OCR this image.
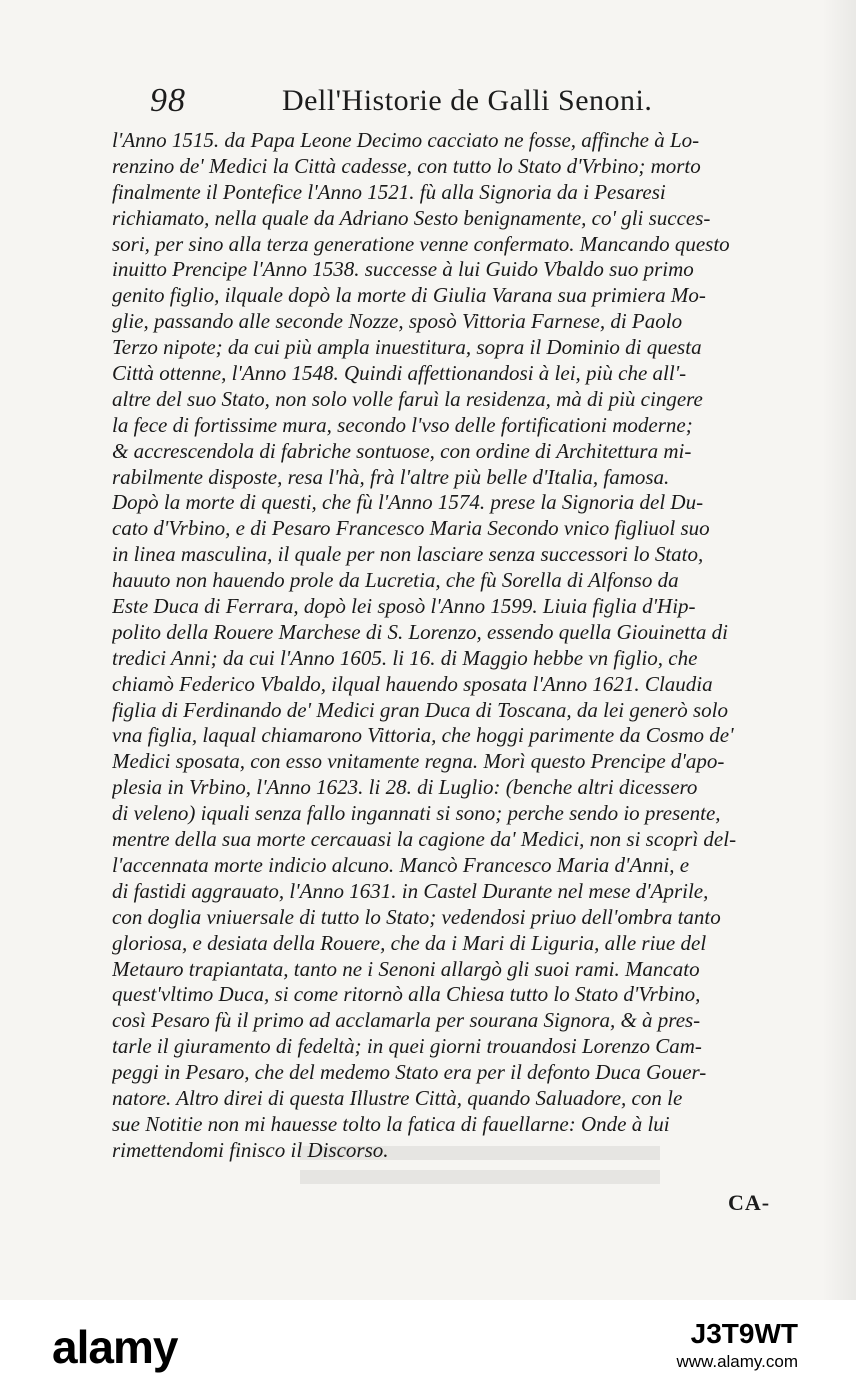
98	Dell'Historie de Galli Senoni.
l'Anno 1515. da Papa Leone Decimo cacciato ne fosse, affinche à Lo-
renzino de' Medici la Città cadesse, con tutto lo Stato d'Vrbino; morto
finalmente il Pontefice l'Anno 1521. fù alla Signoria da i Pesaresi
richiamato, nella quale da Adriano Sesto benignamente, co' gli succes-
sori, per sino alla terza generatione venne confermato. Mancando questo
inuitto Prencipe l'Anno 1538. successe à lui Guido Vbaldo suo primo
genito figlio, ilquale dopò la morte di Giulia Varana sua primiera Mo-
glie, passando alle seconde Nozze, sposò Vittoria Farnese, di Paolo
Terzo nipote; da cui più ampla inuestitura, sopra il Dominio di questa
Città ottenne, l'Anno 1548. Quindi affettionandosi à lei, più che all'-
altre del suo Stato, non solo volle faruì la residenza, mà di più cingere
la fece di fortissime mura, secondo l'vso delle fortificationi moderne;
& accrescendola di fabriche sontuose, con ordine di Architettura mi-
rabilmente disposte, resa l'hà, frà l'altre più belle d'Italia, famosa.
Dopò la morte di questi, che fù l'Anno 1574. prese la Signoria del Du-
cato d'Vrbino, e di Pesaro Francesco Maria Secondo vnico figliuol suo
in linea masculina, il quale per non lasciare senza successori lo Stato,
hauuto non hauendo prole da Lucretia, che fù Sorella di Alfonso da
Este Duca di Ferrara, dopò lei sposò l'Anno 1599. Liuia figlia d'Hip-
polito della Rouere Marchese di S. Lorenzo, essendo quella Giouinetta di
tredici Anni; da cui l'Anno 1605. li 16. di Maggio hebbe vn figlio, che
chiamò Federico Vbaldo, ilqual hauendo sposata l'Anno 1621. Claudia
figlia di Ferdinando de' Medici gran Duca di Toscana, da lei generò solo
vna figlia, laqual chiamarono Vittoria, che hoggi parimente da Cosmo de'
Medici sposata, con esso vnitamente regna. Morì questo Prencipe d'apo-
plesia in Vrbino, l'Anno 1623. li 28. di Luglio: (benche altri dicessero
di veleno) iquali senza fallo ingannati si sono; perche sendo io presente,
mentre della sua morte cercauasi la cagione da' Medici, non si scoprì del-
l'accennata morte indicio alcuno. Mancò Francesco Maria d'Anni, e
di fastidi aggrauato, l'Anno 1631. in Castel Durante nel mese d'Aprile,
con doglia vniuersale di tutto lo Stato; vedendosi priuo dell'ombra tanto
gloriosa, e desiata della Rouere, che da i Mari di Liguria, alle riue del
Metauro trapiantata, tanto ne i Senoni allargò gli suoi rami. Mancato
quest'vltimo Duca, si come ritornò alla Chiesa tutto lo Stato d'Vrbino,
così Pesaro fù il primo ad acclamarla per sourana Signora, & à pres-
tarle il giuramento di fedeltà; in quei giorni trouandosi Lorenzo Cam-
peggi in Pesaro, che del medemo Stato era per il defonto Duca Gouer-
natore. Altro direi di questa Illustre Città, quando Saluadore, con le
sue Notitie non mi hauesse tolto la fatica di fauellarne: Onde à lui
rimettendomi finisco il Discorso.
CA-
alamy	J3T9WT
www.alamy.com
